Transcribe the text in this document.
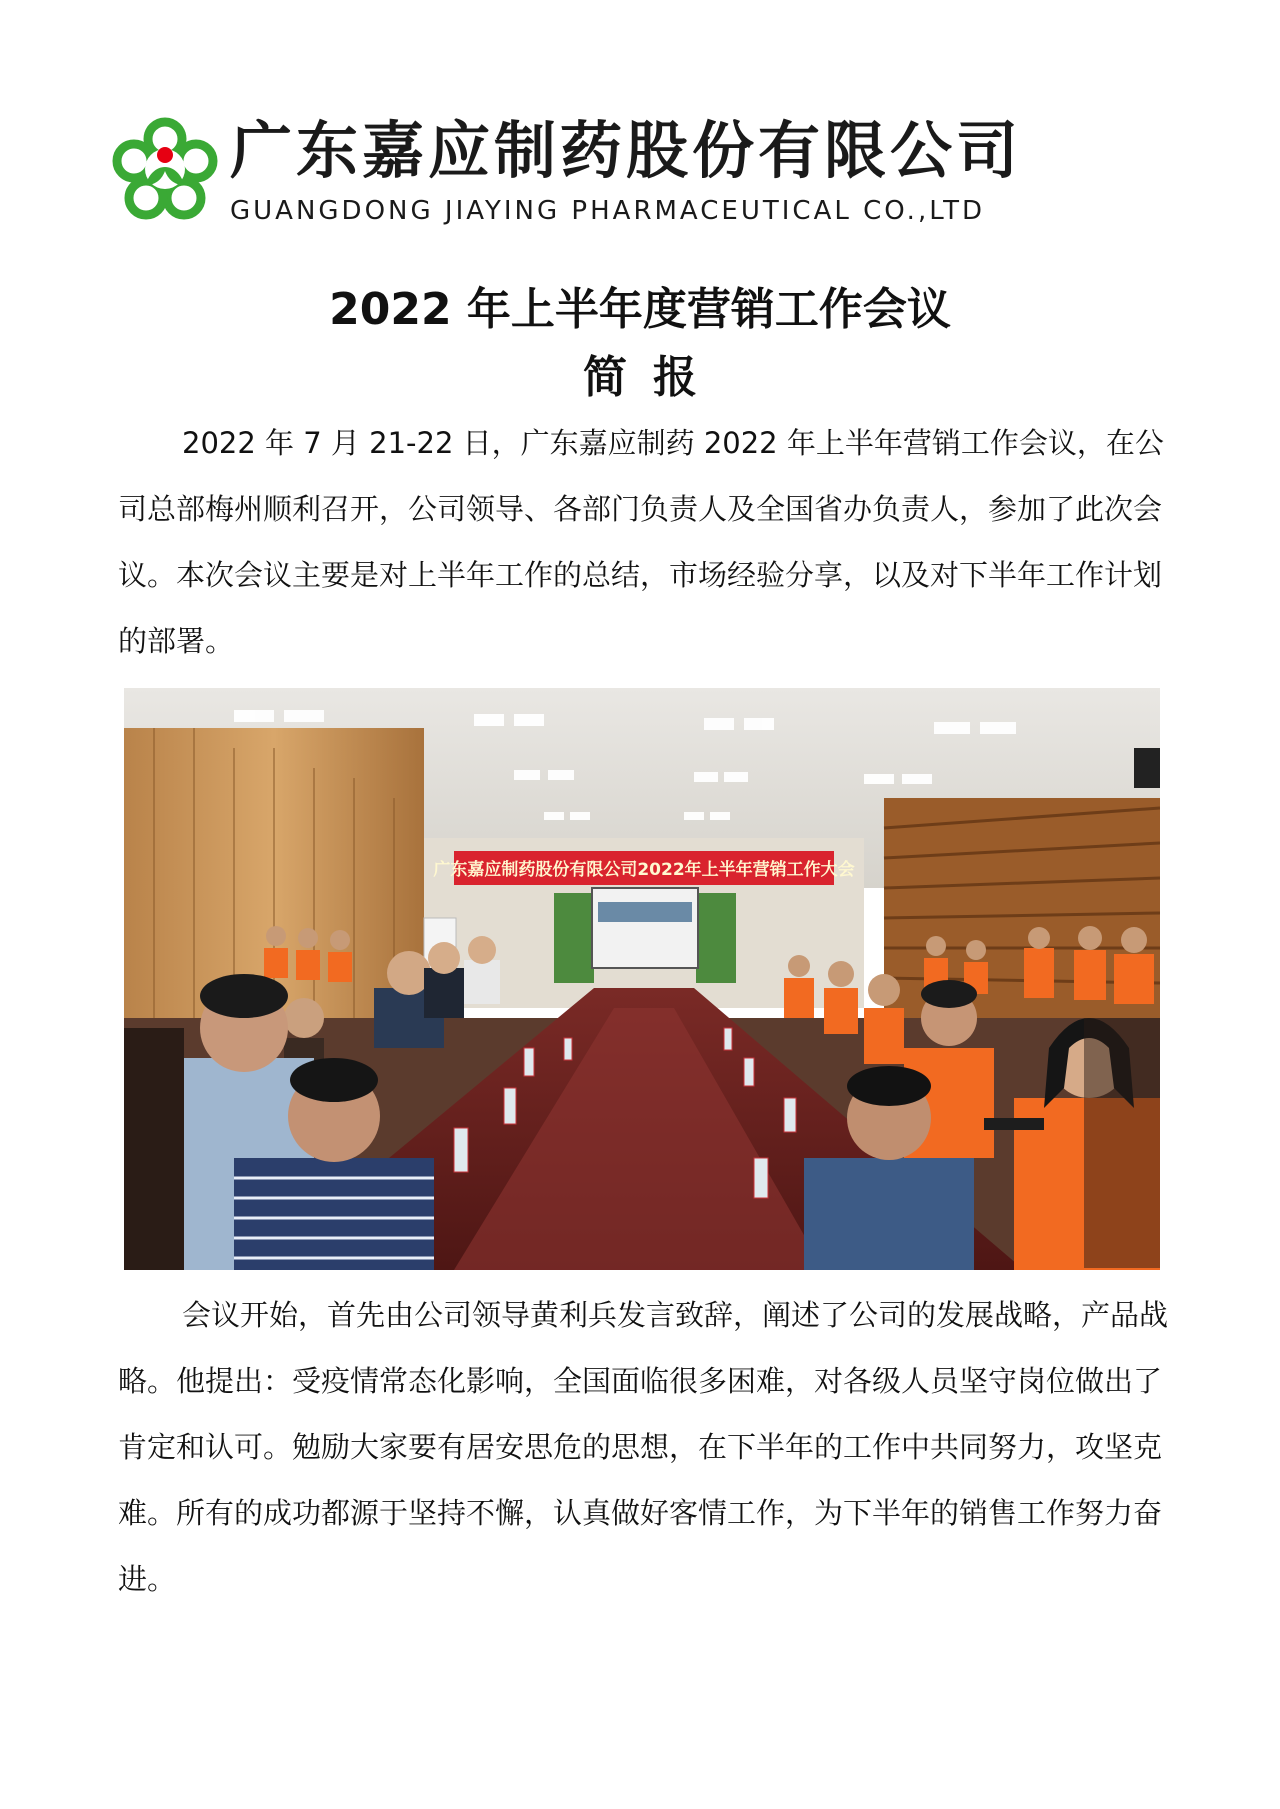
广东嘉应制药股份有限公司
GUANGDONG JIAYING PHARMACEUTICAL CO.,LTD
2022 年上半年度营销工作会议
简报

2022 年 7 月 21-22 日，广东嘉应制药 2022 年上半年营销工作会议，在公司总部梅州顺利召开，公司领导、各部门负责人及全国省办负责人，参加了此次会议。本次会议主要是对上半年工作的总结，市场经验分享，以及对下半年工作计划的部署。

广东嘉应制药股份有限公司2022年上半年营销工作大会

会议开始，首先由公司领导黄利兵发言致辞，阐述了公司的发展战略，产品战略。他提出：受疫情常态化影响，全国面临很多困难，对各级人员坚守岗位做出了肯定和认可。勉励大家要有居安思危的思想，在下半年的工作中共同努力，攻坚克难。所有的成功都源于坚持不懈，认真做好客情工作，为下半年的销售工作努力奋进。
